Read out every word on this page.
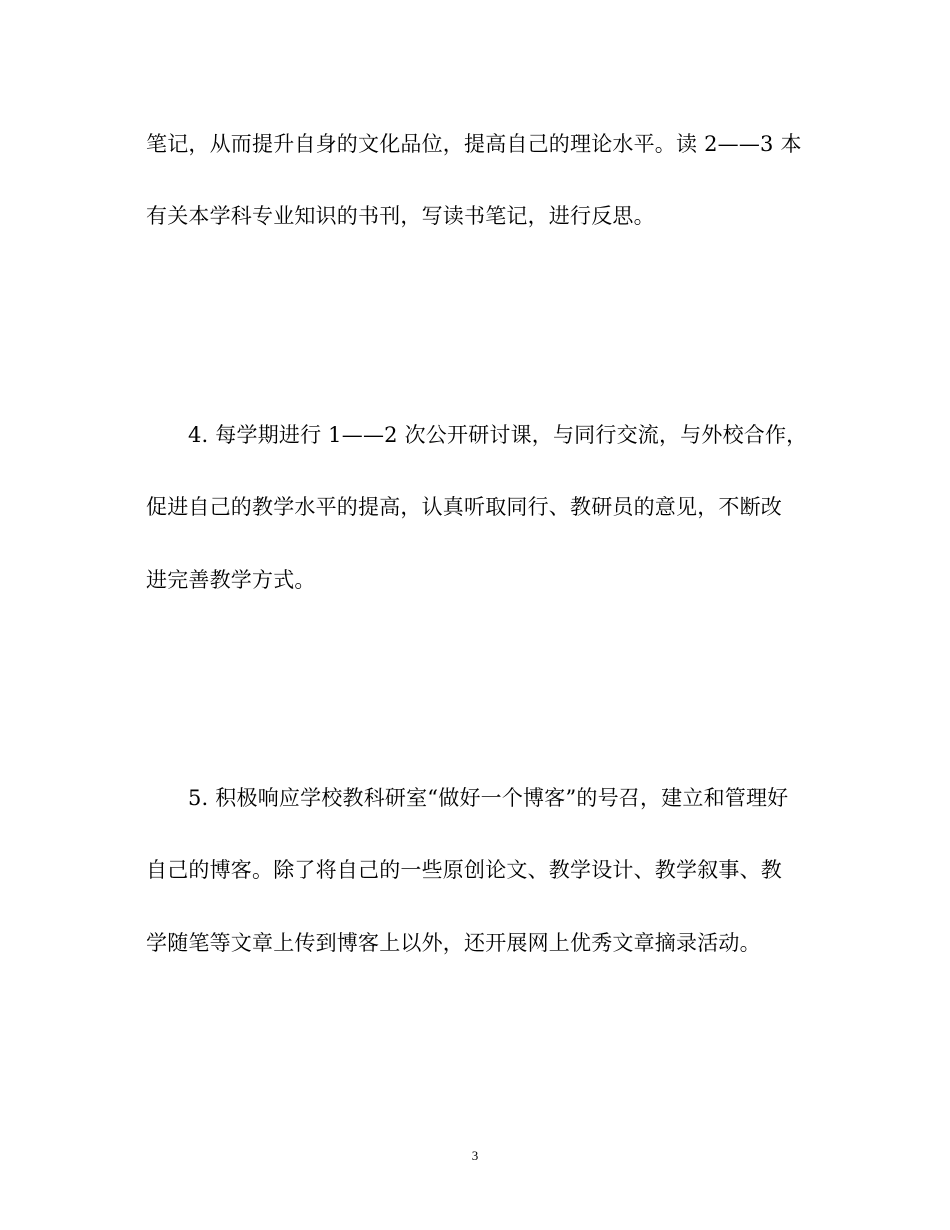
笔记，从而提升自身的文化品位，提高自己的理论水平。读 2——3 本
有关本学科专业知识的书刊，写读书笔记，进行反思。
4. 每学期进行 1——2 次公开研讨课，与同行交流，与外校合作，
促进自己的教学水平的提高，认真听取同行、教研员的意见，不断改
进完善教学方式。
5. 积极响应学校教科研室“做好一个博客”的号召，建立和管理好
自己的博客。除了将自己的一些原创论文、教学设计、教学叙事、教
学随笔等文章上传到博客上以外，还开展网上优秀文章摘录活动。
3
